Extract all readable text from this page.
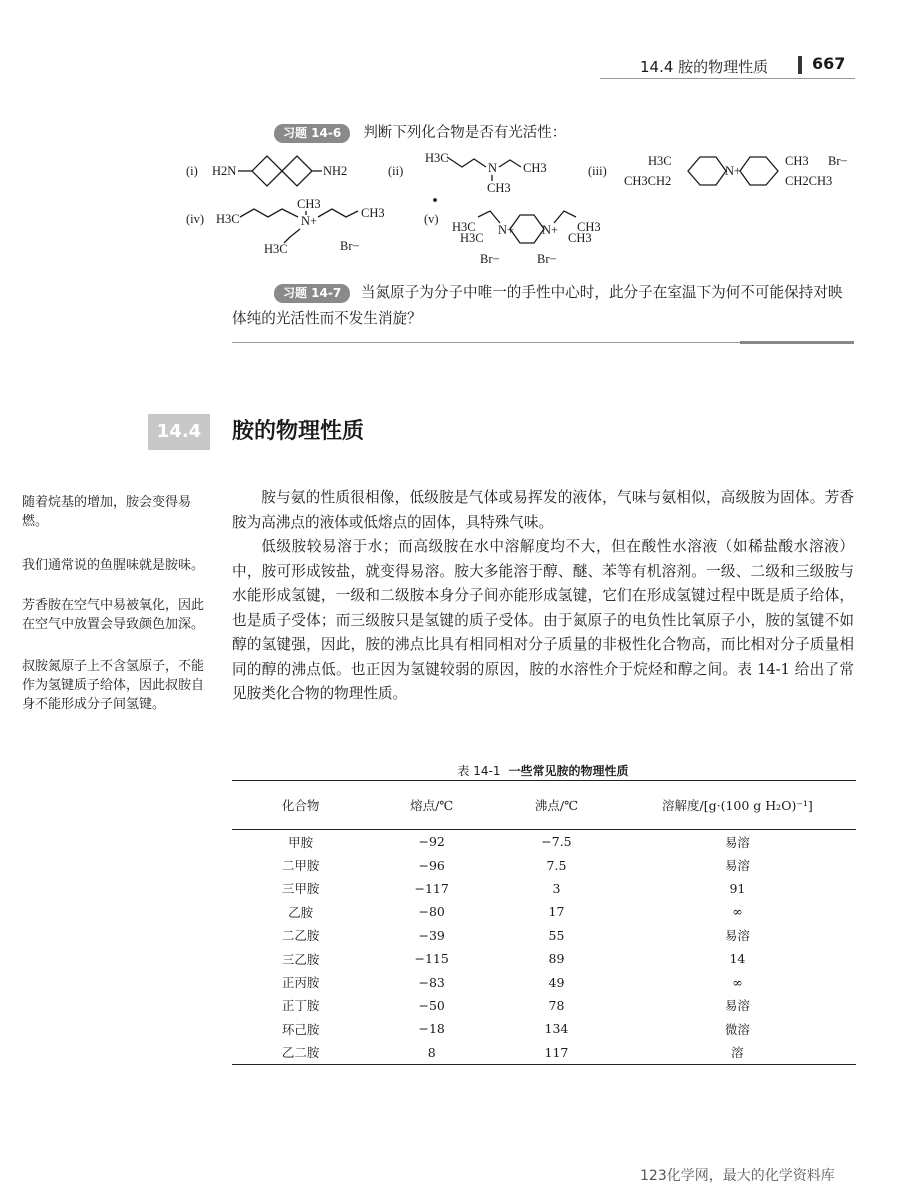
14.4 胺的物理性质	667
习题 14-6 判断下列化合物是否有光活性：
(i)	(ii)	(iii)
(iv)	(v)
H2N	NH2
H3C
N CH3
CH3
H3C
CH3CH2
N+
CH3
CH2CH3
Br−
H3C
CH3
N+
CH3
H3C	Br−
H3C
H3C
N+ N+ CH3
CH3
Br−	Br−
习题 14-7 当氮原子为分子中唯一的手性中心时，此分子在室温下为何不可能保持对映体纯的光活性而不发生消旋？
14.4	胺的物理性质
随着烷基的增加，胺会变得易燃。
我们通常说的鱼腥味就是胺味。
芳香胺在空气中易被氧化，因此在空气中放置会导致颜色加深。
叔胺氮原子上不含氢原子，不能作为氢键质子给体，因此叔胺自身不能形成分子间氢键。

胺与氨的性质很相像，低级胺是气体或易挥发的液体，气味与氨相似，高级胺为固体。芳香胺为高沸点的液体或低熔点的固体，具特殊气味。

低级胺较易溶于水；而高级胺在水中溶解度均不大，但在酸性水溶液（如稀盐酸水溶液）中，胺可形成铵盐，就变得易溶。胺大多能溶于醇、醚、苯等有机溶剂。一级、二级和三级胺与水能形成氢键，一级和二级胺本身分子间亦能形成氢键，它们在形成氢键过程中既是质子给体，也是质子受体；而三级胺只是氢键的质子受体。由于氮原子的电负性比氧原子小，胺的氢键不如醇的氢键强，因此，胺的沸点比具有相同相对分子质量的非极性化合物高，而比相对分子质量相同的醇的沸点低。也正因为氢键较弱的原因，胺的水溶性介于烷烃和醇之间。表 14-1 给出了常见胺类化合物的物理性质。

表 14-1 一些常见胺的物理性质
化合物	熔点/℃	沸点/℃	溶解度/[g·(100 g H₂O)⁻¹]
甲胺	−92	−7.5	易溶
二甲胺	−96	7.5	易溶
三甲胺	−117	3	91
乙胺	−80	17	∞
二乙胺	−39	55	易溶
三乙胺	−115	89	14
正丙胺	−83	49	∞
正丁胺	−50	78	易溶
环己胺	−18	134	微溶
乙二胺	8	117	溶
123化学网，最大的化学资料库
